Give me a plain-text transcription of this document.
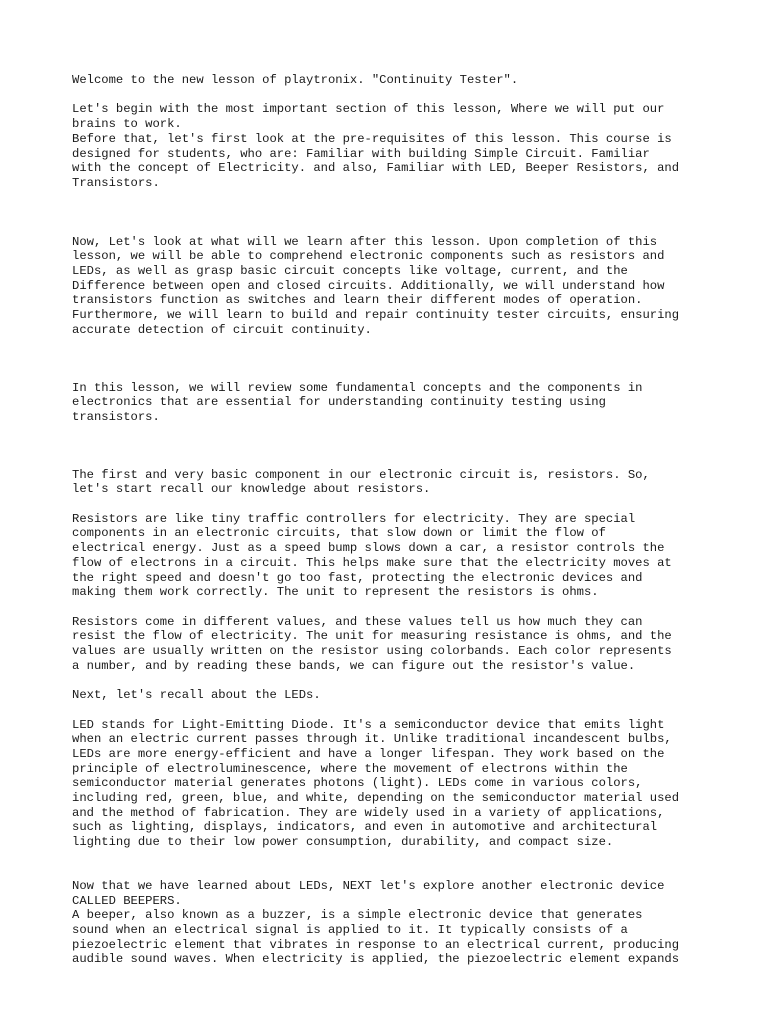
Welcome to the new lesson of playtronix. "Continuity Tester".

Let's begin with the most important section of this lesson, Where we will put our
brains to work.
Before that, let's first look at the pre-requisites of this lesson. This course is
designed for students, who are: Familiar with building Simple Circuit. Familiar
with the concept of Electricity. and also, Familiar with LED, Beeper Resistors, and
Transistors.

Now, Let's look at what will we learn after this lesson. Upon completion of this
lesson, we will be able to comprehend electronic components such as resistors and
LEDs, as well as grasp basic circuit concepts like voltage, current, and the
Difference between open and closed circuits. Additionally, we will understand how
transistors function as switches and learn their different modes of operation.
Furthermore, we will learn to build and repair continuity tester circuits, ensuring
accurate detection of circuit continuity.

In this lesson, we will review some fundamental concepts and the components in
electronics that are essential for understanding continuity testing using
transistors.

The first and very basic component in our electronic circuit is, resistors. So,
let's start recall our knowledge about resistors.

Resistors are like tiny traffic controllers for electricity. They are special
components in an electronic circuits, that slow down or limit the flow of
electrical energy. Just as a speed bump slows down a car, a resistor controls the
flow of electrons in a circuit. This helps make sure that the electricity moves at
the right speed and doesn't go too fast, protecting the electronic devices and
making them work correctly. The unit to represent the resistors is ohms.

Resistors come in different values, and these values tell us how much they can
resist the flow of electricity. The unit for measuring resistance is ohms, and the
values are usually written on the resistor using colorbands. Each color represents
a number, and by reading these bands, we can figure out the resistor's value.

Next, let's recall about the LEDs.

LED stands for Light-Emitting Diode. It's a semiconductor device that emits light
when an electric current passes through it. Unlike traditional incandescent bulbs,
LEDs are more energy-efficient and have a longer lifespan. They work based on the
principle of electroluminescence, where the movement of electrons within the
semiconductor material generates photons (light). LEDs come in various colors,
including red, green, blue, and white, depending on the semiconductor material used
and the method of fabrication. They are widely used in a variety of applications,
such as lighting, displays, indicators, and even in automotive and architectural
lighting due to their low power consumption, durability, and compact size.

Now that we have learned about LEDs, NEXT let's explore another electronic device
CALLED BEEPERS.
A beeper, also known as a buzzer, is a simple electronic device that generates
sound when an electrical signal is applied to it. It typically consists of a
piezoelectric element that vibrates in response to an electrical current, producing
audible sound waves. When electricity is applied, the piezoelectric element expands
